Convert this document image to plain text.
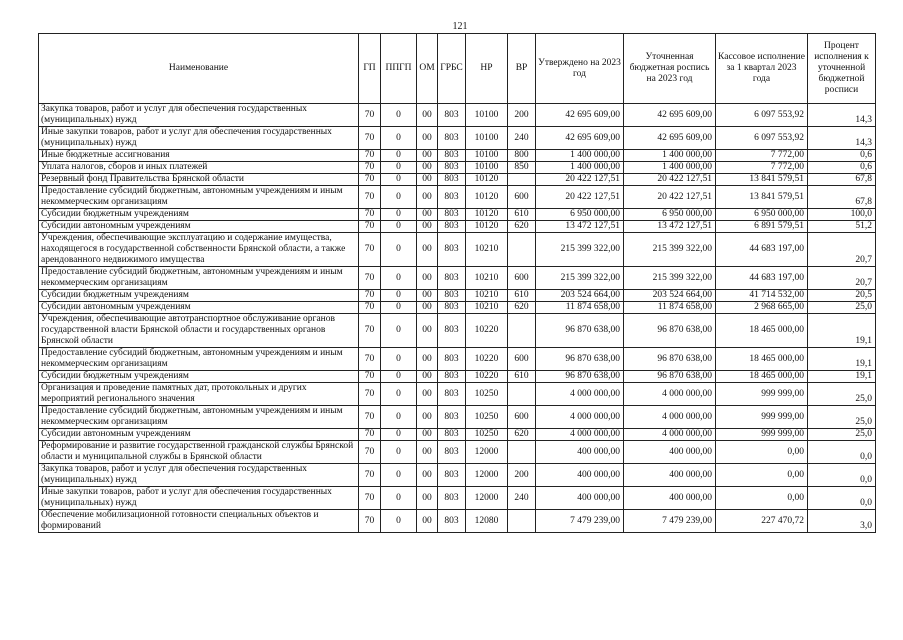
121
Наименование	ГП	ППГП	ОМ	ГРБС	НР	ВР	Утверждено на 2023 год	Уточненная бюджетная роспись на 2023 год	Кассовое исполнение за 1 квартал 2023 года	Процент исполнения к уточненной бюджетной росписи
Закупка товаров, работ и услуг для обеспечения государственных (муниципальных) нужд	70	0	00	803	10100	200	42 695 609,00	42 695 609,00	6 097 553,92	14,3
Иные закупки товаров, работ и услуг для обеспечения государственных (муниципальных) нужд	70	0	00	803	10100	240	42 695 609,00	42 695 609,00	6 097 553,92	14,3
Иные бюджетные ассигнования	70	0	00	803	10100	800	1 400 000,00	1 400 000,00	7 772,00	0,6
Уплата налогов, сборов и иных платежей	70	0	00	803	10100	850	1 400 000,00	1 400 000,00	7 772,00	0,6
Резервный фонд Правительства Брянской области	70	0	00	803	10120		20 422 127,51	20 422 127,51	13 841 579,51	67,8
Предоставление субсидий бюджетным, автономным учреждениям и иным некоммерческим организациям	70	0	00	803	10120	600	20 422 127,51	20 422 127,51	13 841 579,51	67,8
Субсидии бюджетным учреждениям	70	0	00	803	10120	610	6 950 000,00	6 950 000,00	6 950 000,00	100,0
Субсидии автономным учреждениям	70	0	00	803	10120	620	13 472 127,51	13 472 127,51	6 891 579,51	51,2
Учреждения, обеспечивающие эксплуатацию и содержание имущества, находящегося в государственной собственности Брянской области, а также арендованного недвижимого имущества	70	0	00	803	10210		215 399 322,00	215 399 322,00	44 683 197,00	20,7
Предоставление субсидий бюджетным, автономным учреждениям и иным некоммерческим организациям	70	0	00	803	10210	600	215 399 322,00	215 399 322,00	44 683 197,00	20,7
Субсидии бюджетным учреждениям	70	0	00	803	10210	610	203 524 664,00	203 524 664,00	41 714 532,00	20,5
Субсидии автономным учреждениям	70	0	00	803	10210	620	11 874 658,00	11 874 658,00	2 968 665,00	25,0
Учреждения, обеспечивающие автотранспортное обслуживание органов государственной власти Брянской области и государственных органов Брянской области	70	0	00	803	10220		96 870 638,00	96 870 638,00	18 465 000,00	19,1
Предоставление субсидий бюджетным, автономным учреждениям и иным некоммерческим организациям	70	0	00	803	10220	600	96 870 638,00	96 870 638,00	18 465 000,00	19,1
Субсидии бюджетным учреждениям	70	0	00	803	10220	610	96 870 638,00	96 870 638,00	18 465 000,00	19,1
Организация и проведение памятных дат, протокольных и других мероприятий регионального значения	70	0	00	803	10250		4 000 000,00	4 000 000,00	999 999,00	25,0
Предоставление субсидий бюджетным, автономным учреждениям и иным некоммерческим организациям	70	0	00	803	10250	600	4 000 000,00	4 000 000,00	999 999,00	25,0
Субсидии автономным учреждениям	70	0	00	803	10250	620	4 000 000,00	4 000 000,00	999 999,00	25,0
Реформирование и развитие государственной гражданской службы Брянской области и муниципальной службы в Брянской области	70	0	00	803	12000		400 000,00	400 000,00	0,00	0,0
Закупка товаров, работ и услуг для обеспечения государственных (муниципальных) нужд	70	0	00	803	12000	200	400 000,00	400 000,00	0,00	0,0
Иные закупки товаров, работ и услуг для обеспечения государственных (муниципальных) нужд	70	0	00	803	12000	240	400 000,00	400 000,00	0,00	0,0
Обеспечение мобилизационной готовности специальных объектов и формирований	70	0	00	803	12080		7 479 239,00	7 479 239,00	227 470,72	3,0
